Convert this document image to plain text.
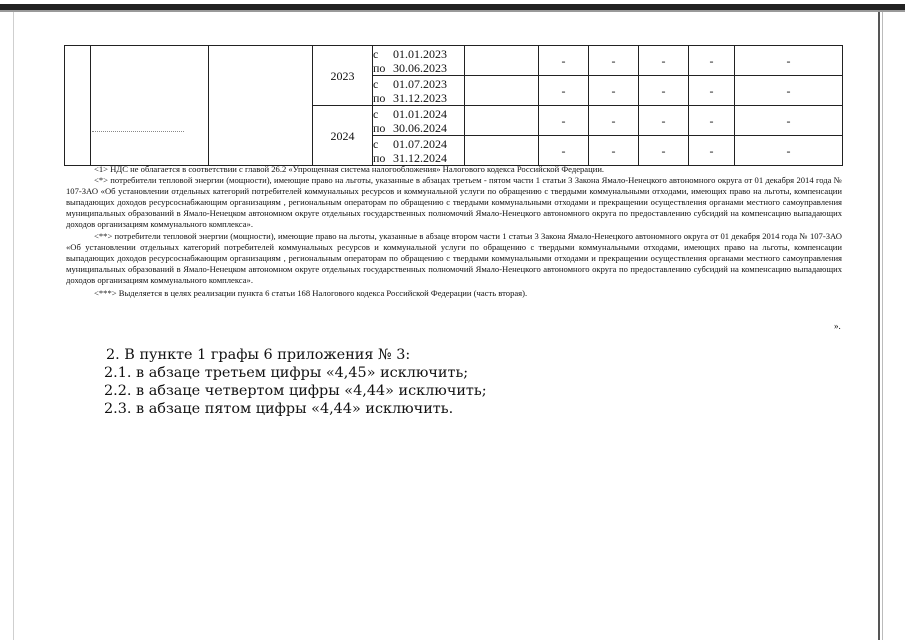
			2023	с 01.01.2023
по 30.06.2023		-	-	-	-	-

				с 01.07.2023
по 31.12.2023		-	-	-	-	-
			2024	с 01.01.2024
по 30.06.2024		-	-	-	-	-

				с 01.07.2024
по 31.12.2024		-	-	-	-	-

<1> НДС не облагается в соответствии с главой 26.2 «Упрощенная система налогообложения» Налогового кодекса Российской Федерации.

<*> потребители тепловой энергии (мощности), имеющие право на льготы, указанные в абзацах третьем - пятом части 1 статьи 3 Закона Ямало-Ненецкого автономного округа от 01 декабря 2014 года № 107-ЗАО «Об установлении отдельных категорий потребителей коммунальных ресурсов и коммунальной услуги по обращению с твердыми коммунальными отходами, имеющих право на льготы, компенсации выпадающих доходов ресурсоснабжающим организациям , региональным операторам по обращению с твердыми коммунальными отходами и прекращении осуществления органами местного самоуправления муниципальных образований в Ямало-Ненецком автономном округе отдельных государственных полномочий Ямало-Ненецкого автономного округа по предоставлению субсидий на компенсацию выпадающих доходов организациям коммунального комплекса».

<**> потребители тепловой энергии (мощности), имеющие право на льготы, указанные в абзаце втором части 1 статьи 3 Закона Ямало-Ненецкого автономного округа от 01 декабря 2014 года № 107-ЗАО «Об установлении отдельных категорий потребителей коммунальных ресурсов и коммунальной услуги по обращению с твердыми коммунальными отходами, имеющих право на льготы, компенсации выпадающих доходов ресурсоснабжающим организациям , региональным операторам по обращению с твердыми коммунальными отходами и прекращении осуществления органами местного самоуправления муниципальных образований в Ямало-Ненецком автономном округе отдельных государственных полномочий Ямало-Ненецкого автономного округа по предоставлению субсидий на компенсацию выпадающих доходов организациям коммунального комплекса».

<***> Выделяется в целях реализации пункта 6 статьи 168 Налогового кодекса Российской Федерации (часть вторая).

».
2. В пункте 1 графы 6 приложения № 3:
2.1. в абзаце третьем цифры «4,45» исключить;
2.2. в абзаце четвертом цифры «4,44» исключить;
2.3. в абзаце пятом цифры «4,44» исключить.
